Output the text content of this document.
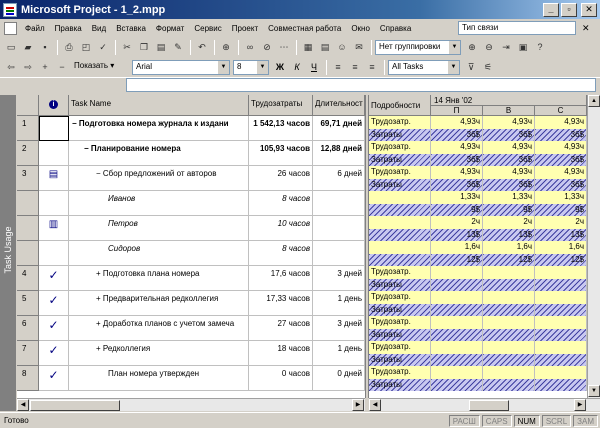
Microsoft Project - 1_2.mpp	_	▫	✕
Файл	Правка	Вид	Вставка	Формат	Сервис	Проект	Совместная работа	Окно	Справка	Тип связи	✕
▭	▰	▪	⎙	◰ ✓	✂	❐ ▤ ✎	↶	⊕	∞	⊘ ⋯	▦ ▤ ☺ ✉	Нет группировки	▼	⊕	⊖	⇥ ▣	?
⇦	⇨	+	−	Показать ▾	Arial	▼	8	▼	Ж	К	Ч	≡	≡	≡	All Tasks	▼	⊽	⚟
Task Usage
i	Task Name	Трудозатраты	Длительност
1	− Подготовка номера журнала к издани	1 542,13 часов	69,71 дней
2	− Планирование номера	105,93 часов	12,88 дней
3	▤	− Сбор предложений от авторов	26 часов	6 дней
Иванов	8 часов
▥	Петров	10 часов
Сидоров	8 часов
4	✓	+ Подготовка плана номера	17,6 часов	3 дней
5	✓	+ Предварительная редколлегия	17,33 часов	1 день
6	✓	+ Доработка планов с учетом замеча	27 часов	3 дней
7	✓	+ Редколлегия	18 часов	1 день
8	✓	План номера утвержден	0 часов	0 дней
Подробности
14 Янв '02
П	В	С
Трудозатр.	4,93ч	4,93ч	4,93ч
Затраты	36$	36$	36$
Трудозатр.	4,93ч	4,93ч	4,93ч
Затраты	36$	36$	36$
Трудозатр.	4,93ч	4,93ч	4,93ч
Затраты	36$	36$	36$
1,33ч	1,33ч	1,33ч
9$	9$	9$
2ч	2ч	2ч
13$	13$	13$
1,6ч	1,6ч	1,6ч
12$	12$	12$
Трудозатр.
Затраты
Трудозатр.
Затраты
Трудозатр.
Затраты
Трудозатр.
Затраты
Трудозатр.
Затраты
▲
▼
◀	▶	◀	▶
Готово	РАСШ	CAPS	NUM	SCRL	ЗАМ
